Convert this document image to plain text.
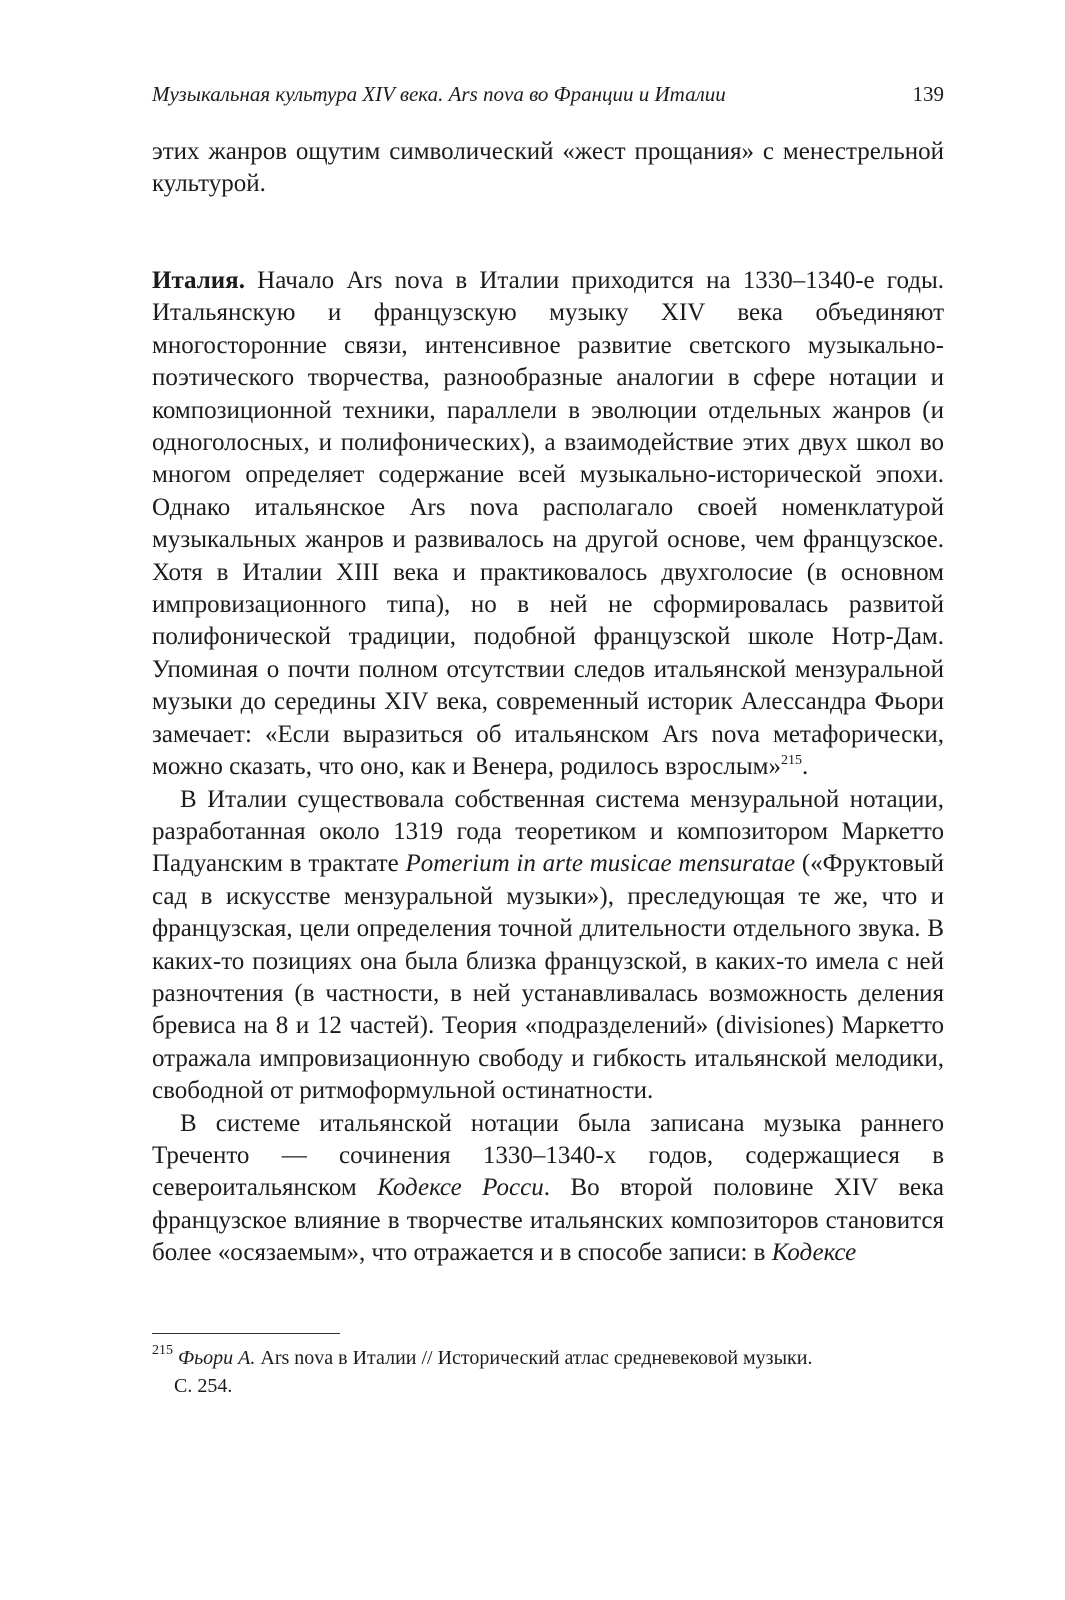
Музыкальная культура XIV века. Ars nova во Франции и Италии	139

этих жанров ощутим символический «жест прощания» с менестрельной культурой.

Италия. Начало Ars nova в Италии приходится на 1330–1340-е годы. Итальянскую и французскую музыку XIV века объединяют многосторонние связи, интенсивное развитие светского музыкально-поэтического творчества, разнообразные аналогии в сфере нотации и композиционной техники, параллели в эволюции отдельных жанров (и одноголосных, и полифонических), а взаимодействие этих двух школ во многом определяет содержание всей музыкально-исторической эпохи. Однако итальянское Ars nova располагало своей номенклатурой музыкальных жанров и развивалось на другой основе, чем французское. Хотя в Италии XIII века и практиковалось двухголосие (в основном импровизационного типа), но в ней не сформировалась развитой полифонической традиции, подобной французской школе Нотр-Дам. Упоминая о почти полном отсутствии следов итальянской мензуральной музыки до середины XIV века, современный историк Алессандра Фьори замечает: «Если выразиться об итальянском Ars nova метафорически, можно сказать, что оно, как и Венера, родилось взрослым»$^{215}$.

В Италии существовала собственная система мензуральной нотации, разработанная около 1319 года теоретиком и композитором Маркетто Падуанским в трактате Pomerium in arte musicae mensuratae («Фруктовый сад в искусстве мензуральной музыки»), преследующая те же, что и французская, цели определения точной длительности отдельного звука. В каких-то позициях она была близка французской, в каких-то имела с ней разночтения (в частности, в ней устанавливалась возможность деления бревиса на 8 и 12 частей). Теория «подразделений» (divisiones) Маркетто отражала импровизационную свободу и гибкость итальянской мелодики, свободной от ритмоформульной остинатности.

В системе итальянской нотации была записана музыка раннего Треченто — сочинения 1330–1340-х годов, содержащиеся в североитальянском Кодексе Росси. Во второй половине XIV века французское влияние в творчестве итальянских композиторов становится более «осязаемым», что отражается и в способе записи: в Кодексе

$^{215}$ Фьори А. Ars nova в Италии // Исторический атлас средневековой музыки.
С. 254.
